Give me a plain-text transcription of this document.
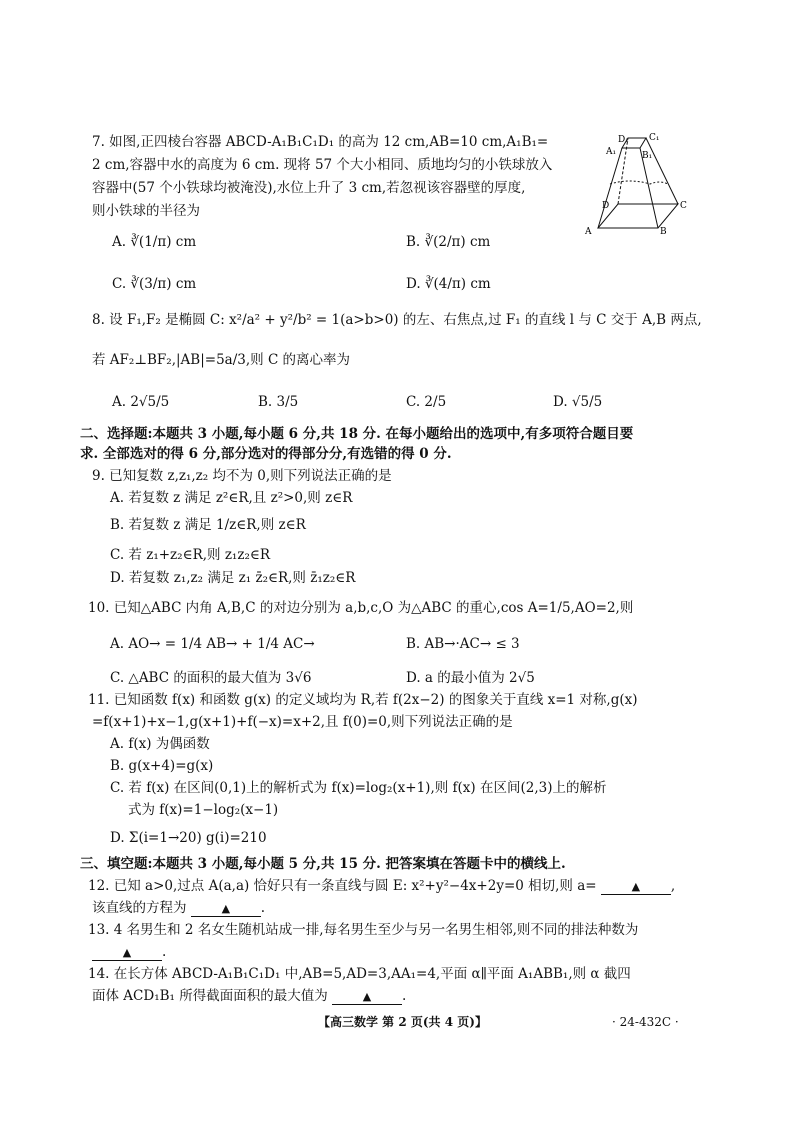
7. 如图,正四棱台容器 ABCD-A₁B₁C₁D₁ 的高为 12 cm,AB=10 cm,A₁B₁=
2 cm,容器中水的高度为 6 cm. 现将 57 个大小相同、质地均匀的小铁球放入
容器中(57 个小铁球均被淹没),水位上升了 3 cm,若忽视该容器壁的厚度,
则小铁球的半径为
A. ∛(1/π) cm	B. ∛(2/π) cm
C. ∛(3/π) cm	D. ∛(4/π) cm
D₁ C₁
A₁	B₁
D	C
A	B
8. 设 F₁,F₂ 是椭圆 C: x²/a² + y²/b² = 1(a>b>0) 的左、右焦点,过 F₁ 的直线 l 与 C 交于 A,B 两点,
若 AF₂⊥BF₂,|AB|=5a/3,则 C 的离心率为
A. 2√5/5	B. 3/5	C. 2/5	D. √5/5
二、选择题:本题共 3 小题,每小题 6 分,共 18 分. 在每小题给出的选项中,有多项符合题目要
求. 全部选对的得 6 分,部分选对的得部分分,有选错的得 0 分.
9. 已知复数 z,z₁,z₂ 均不为 0,则下列说法正确的是
A. 若复数 z 满足 z²∈R,且 z²>0,则 z∈R
B. 若复数 z 满足 1/z∈R,则 z∈R
C. 若 z₁+z₂∈R,则 z₁z₂∈R
D. 若复数 z₁,z₂ 满足 z₁ z̄₂∈R,则 z̄₁z₂∈R
10. 已知△ABC 内角 A,B,C 的对边分别为 a,b,c,O 为△ABC 的重心,cos A=1/5,AO=2,则
A. AO→ = 1/4 AB→ + 1/4 AC→	B. AB→·AC→ ≤ 3
C. △ABC 的面积的最大值为 3√6	D. a 的最小值为 2√5
11. 已知函数 f(x) 和函数 g(x) 的定义域均为 R,若 f(2x−2) 的图象关于直线 x=1 对称,g(x)
=f(x+1)+x−1,g(x+1)+f(−x)=x+2,且 f(0)=0,则下列说法正确的是
A. f(x) 为偶函数
B. g(x+4)=g(x)
C. 若 f(x) 在区间(0,1)上的解析式为 f(x)=log₂(x+1),则 f(x) 在区间(2,3)上的解析
式为 f(x)=1−log₂(x−1)
D. Σ(i=1→20) g(i)=210
三、填空题:本题共 3 小题,每小题 5 分,共 15 分. 把答案填在答题卡中的横线上.
12. 已知 a>0,过点 A(a,a) 恰好只有一条直线与圆 E: x²+y²−4x+2y=0 相切,则 a=	▲ ,
该直线的方程为	▲ .
13. 4 名男生和 2 名女生随机站成一排,每名男生至少与另一名男生相邻,则不同的排法种数为
▲ .
14. 在长方体 ABCD-A₁B₁C₁D₁ 中,AB=5,AD=3,AA₁=4,平面 α∥平面 A₁ABB₁,则 α 截四
面体 ACD₁B₁ 所得截面面积的最大值为	▲ .
【高三数学 第 2 页(共 4 页)】	· 24-432C ·
